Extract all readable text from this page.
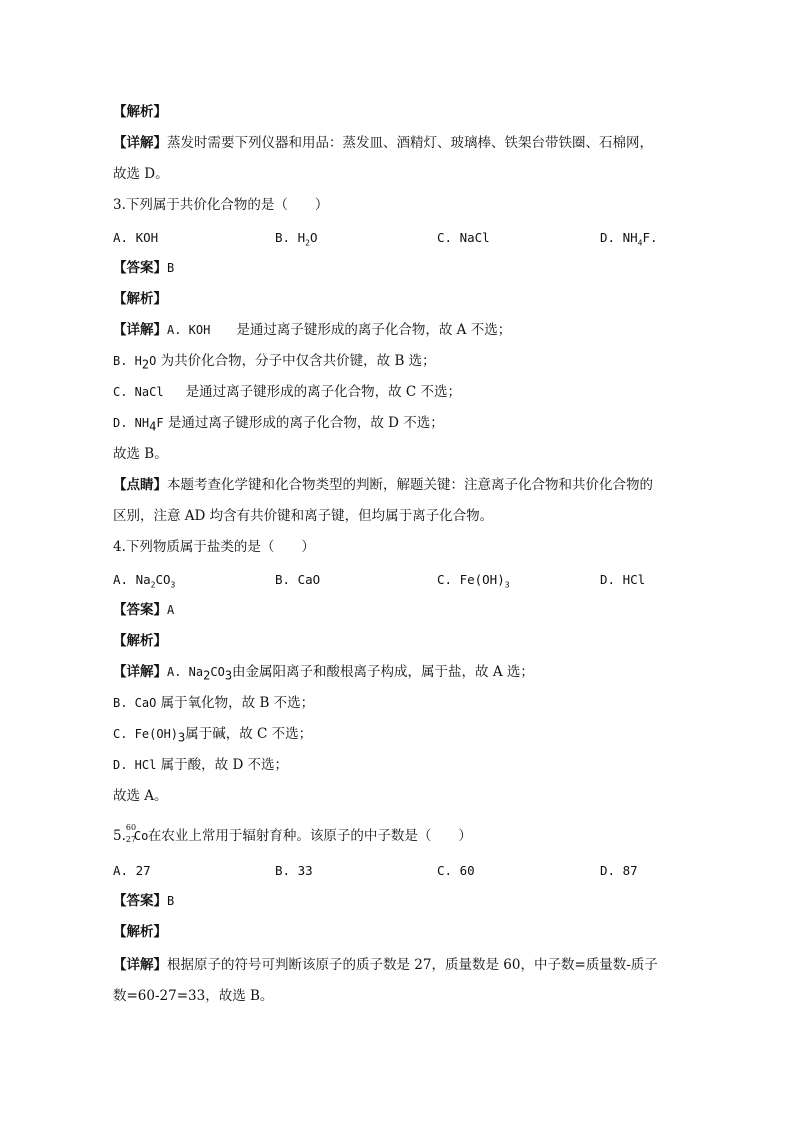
【解析】
【详解】蒸发时需要下列仪器和用品：蒸发皿、酒精灯、玻璃棒、铁架台带铁圈、石棉网，
故选 D。
3.下列属于共价化合物的是（　　）
A. KOH	B. $H_2O$	C. NaCl	D. $NH_4F$.
【答案】B
【解析】
【详解】A. KOH 是通过离子键形成的离子化合物，故 A 不选；
B. $H_2O$ 为共价化合物，分子中仅含共价键，故 B 选；
C. NaCl 是通过离子键形成的离子化合物，故 C 不选；
D. $NH_4F$ 是通过离子键形成的离子化合物，故 D 不选；
故选 B。
【点睛】本题考查化学键和化合物类型的判断，解题关键：注意离子化合物和共价化合物的
区别，注意 AD 均含有共价键和离子键，但均属于离子化合物。
4.下列物质属于盐类的是（　　）
A. $Na_2CO_3$	B. CaO	C. $Fe(OH)_3$	D. HCl
【答案】A
【解析】
【详解】A. $Na_2CO_3$由金属阳离子和酸根离子构成，属于盐，故 A 选；
B. CaO 属于氧化物，故 B 不选；
C. $Fe(OH)_3$属于碱，故 C 不选；
D. HCl 属于酸，故 D 不选；
故选 A。
5.
60
27
Co 在农业上常用于辐射育种。该原子的中子数是（　　）
A. 27	B. 33	C. 60	D. 87
【答案】B
【解析】
【详解】根据原子的符号可判断该原子的质子数是 27，质量数是 60，中子数=质量数-质子
数=60-27=33，故选 B。
